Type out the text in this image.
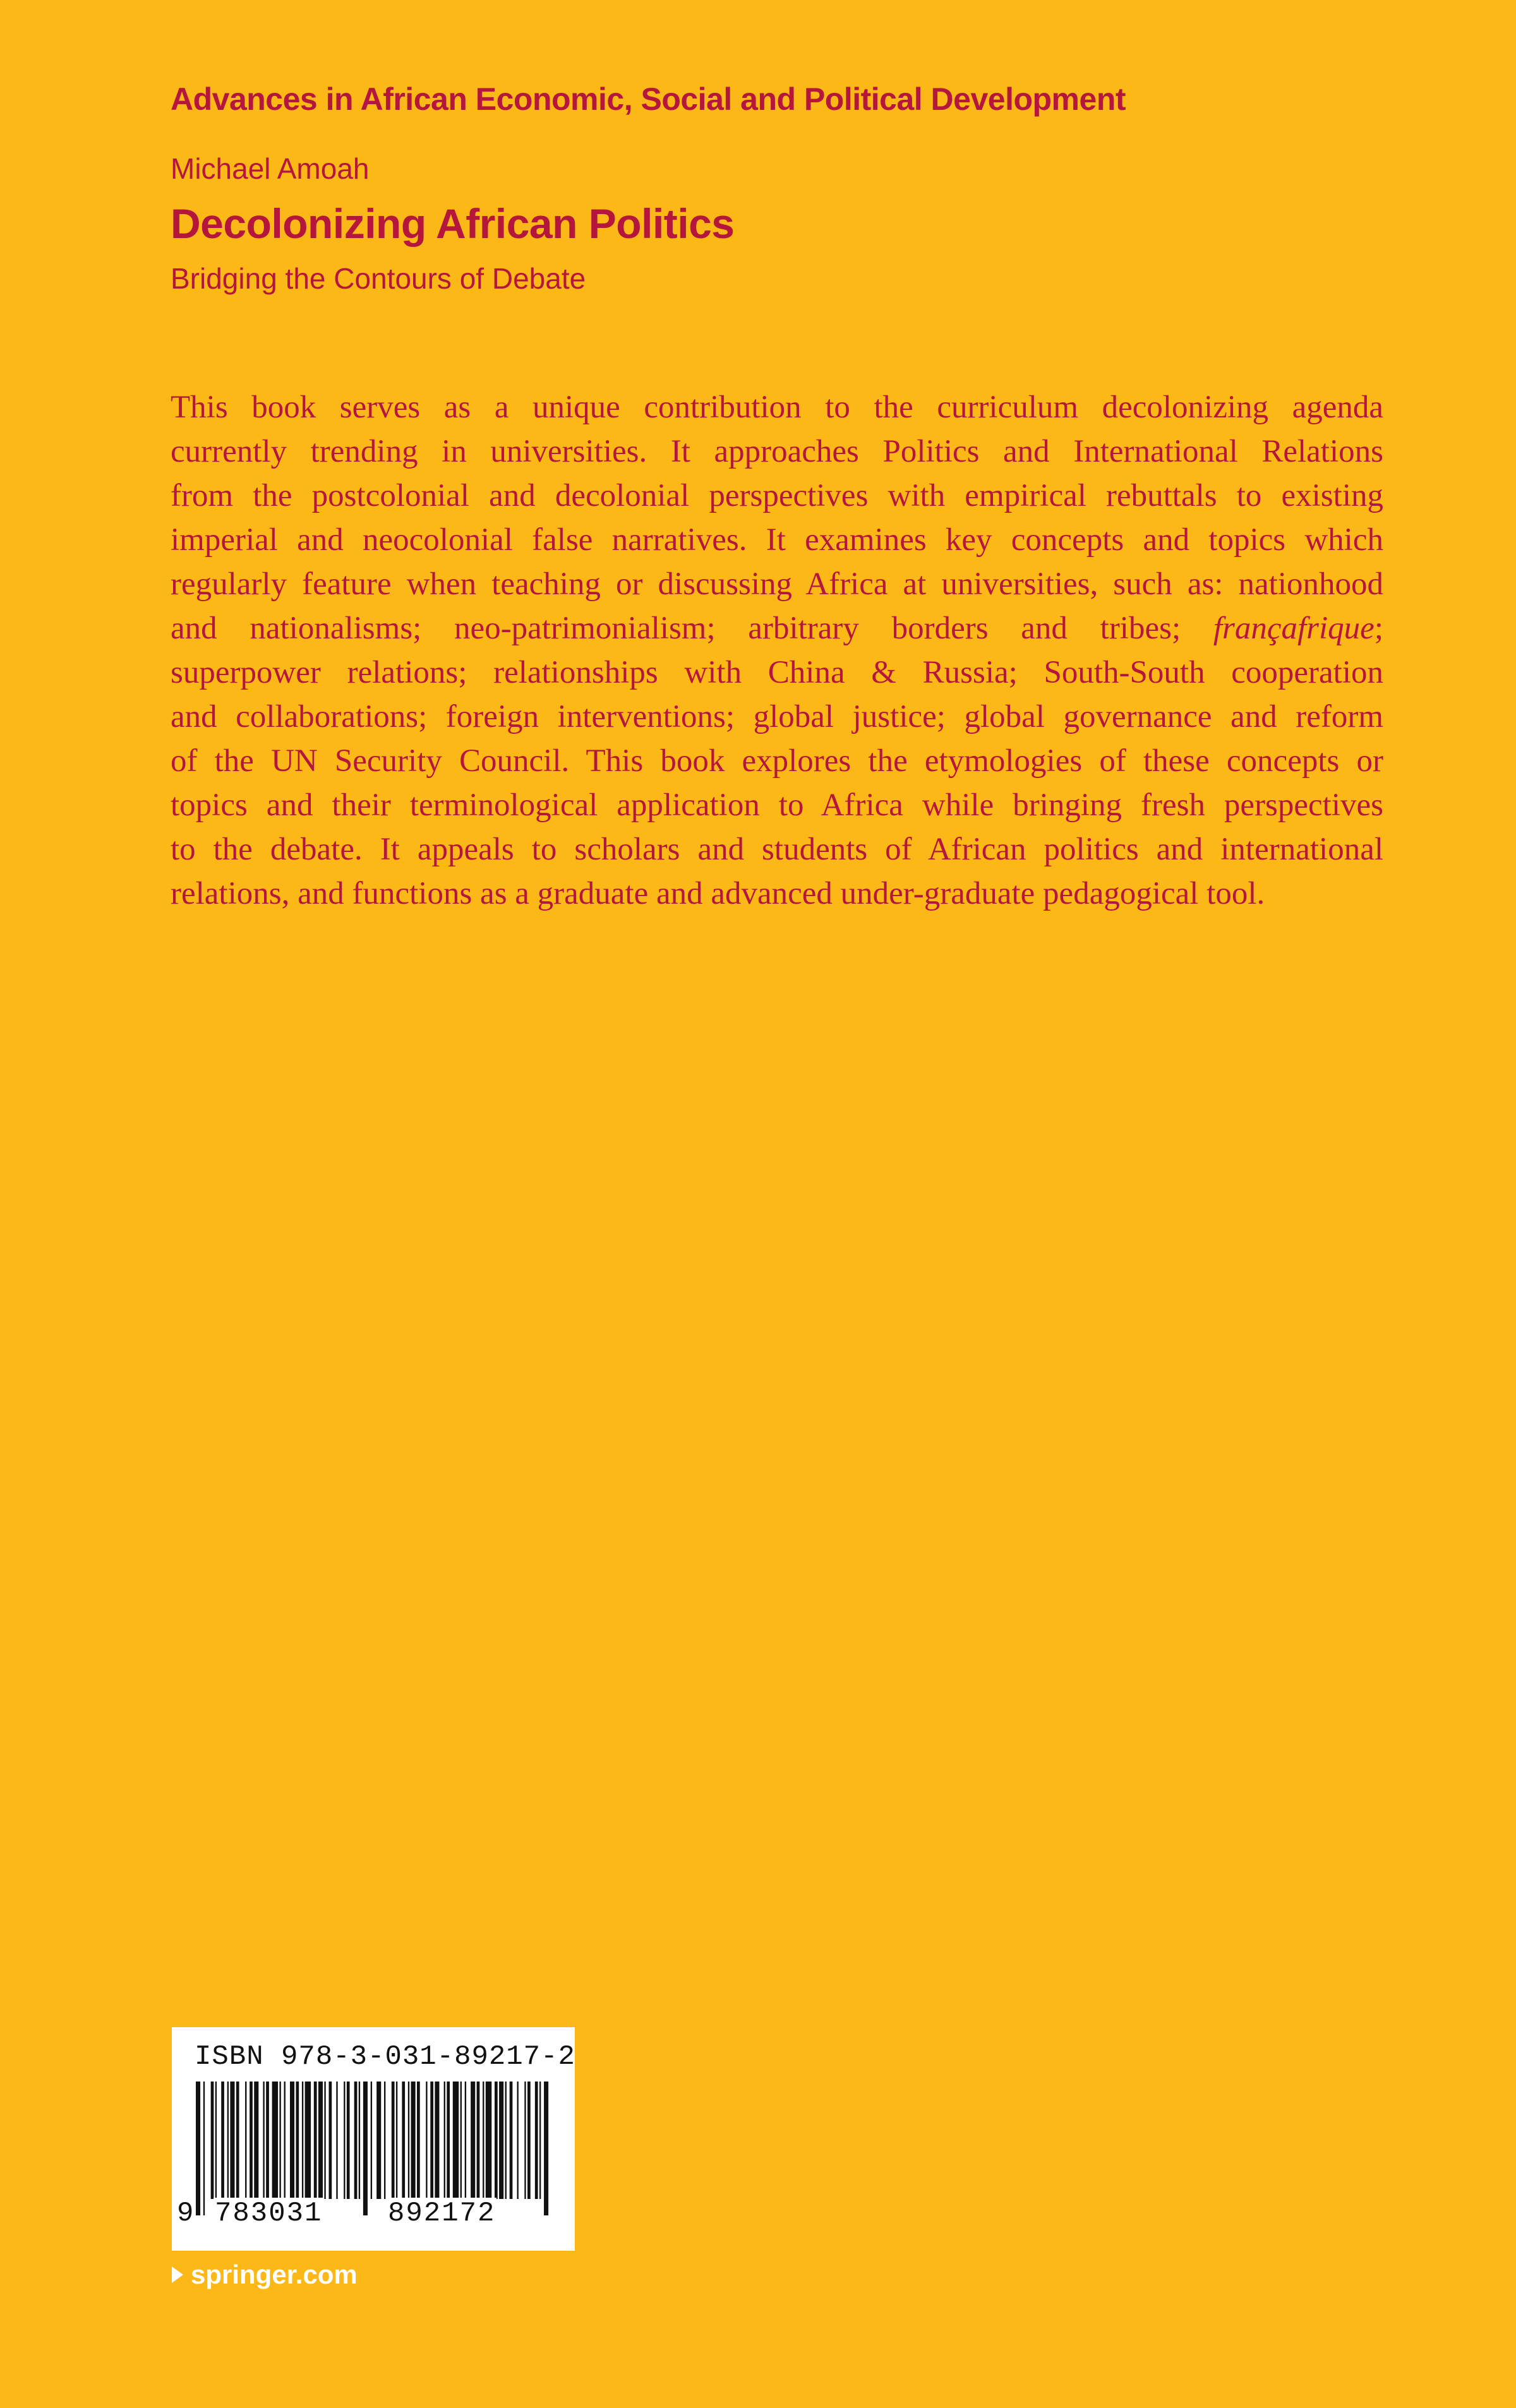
Advances in African Economic, Social and Political Development
Michael Amoah
Decolonizing African Politics
Bridging the Contours of Debate
This book serves as a unique contribution to the curriculum decolonizing agenda
currently trending in universities. It approaches Politics and International Relations
from the postcolonial and decolonial perspectives with empirical rebuttals to existing
imperial and neocolonial false narratives. It examines key concepts and topics which
regularly feature when teaching or discussing Africa at universities, such as: nationhood
and nationalisms; neo-patrimonialism; arbitrary borders and tribes; françafrique;
superpower relations; relationships with China & Russia; South-South cooperation
and collaborations; foreign interventions; global justice; global governance and reform
of the UN Security Council. This book explores the etymologies of these concepts or
topics and their terminological application to Africa while bringing fresh perspectives
to the debate. It appeals to scholars and students of African politics and international
relations, and functions as a graduate and advanced under-graduate pedagogical tool.
ISBN 978-3-031-89217-2
9 783031 892172
springer.com
